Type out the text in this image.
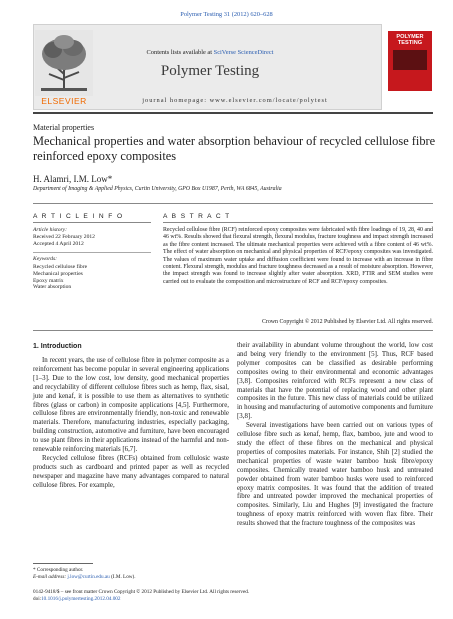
Polymer Testing 31 (2012) 620–628
ELSEVIER
Contents lists available at SciVerse ScienceDirect
Polymer Testing
journal homepage: www.elsevier.com/locate/polytest
POLYMER TESTING
Material properties
Mechanical properties and water absorption behaviour of recycled cellulose fibre reinforced epoxy composites
H. Alamri, I.M. Low*
Department of Imaging & Applied Physics, Curtin University, GPO Box U1987, Perth, WA 6845, Australia
A R T I C L E I N F O	A B S T R A C T
Article history:
Received 22 February 2012
Accepted 4 April 2012
Keywords:
Recycled cellulose fibre
Mechanical properties
Epoxy matrix
Water absorption
Recycled cellulose fibre (RCF) reinforced epoxy composites were fabricated with fibre loadings of 19, 28, 40 and 46 wt%. Results showed that flexural strength, flexural modulus, fracture toughness and impact strength increased as the fibre content increased. The ultimate mechanical properties were achieved with a fibre content of 46 wt%. The effect of water absorption on mechanical and physical properties of RCF/epoxy composites was investigated. The values of maximum water uptake and diffusion coefficient were found to increase with an increase in fibre content. Flexural strength, modulus and fracture toughness decreased as a result of moisture absorption. However, the impact strength was found to increase slightly after water absorption. XRD, FTIR and SEM studies were carried out to evaluate the composition and microstructure of RCF and RCF/epoxy composites.
Crown Copyright © 2012 Published by Elsevier Ltd. All rights reserved.
1. Introduction

In recent years, the use of cellulose fibre in polymer composite as a reinforcement has become popular in several engineering applications [1–3]. Due to the low cost, low density, good mechanical properties and recyclability of different cellulose fibres such as hemp, flax, sisal, jute and kenaf, it is possible to use them as alternatives to synthetic fibres (glass or carbon) in composite applications [4,5]. Furthermore, cellulose fibres are environmentally friendly, non-toxic and renewable materials. Therefore, manufacturing industries, especially packaging, building construction, automotive and furniture, have been encouraged to use plant fibres in their applications instead of the harmful and non-renewable reinforcing materials [6,7].

Recycled cellulose fibres (RCFs) obtained from cellulosic waste products such as cardboard and printed paper as well as recycled newspaper and magazine have many advantages compared to natural cellulose fibres. For example,

their availability in abundant volume throughout the world, low cost and being very friendly to the environment [5]. Thus, RCF based polymer composites can be classified as desirable performing composites owing to their environmental and economic advantages [3,8]. Composites reinforced with RCFs represent a new class of materials that have the potential of replacing wood and other plant composites in the future. This new class of materials could be utilized in housing and manufacturing of automotive components and furniture [3,8].

Several investigations have been carried out on various types of cellulose fibre such as kenaf, hemp, flax, bamboo, jute and wood to study the effect of these fibres on the mechanical and physical properties of composites materials. For instance, Shih [2] studied the mechanical properties of waste water bamboo husk fibre/epoxy composites. Chemically treated water bamboo husk and untreated powder obtained from water bamboo husks were used to reinforced epoxy matrix composites. It was found that the addition of treated fibre and untreated powder improved the mechanical properties of composites. Similarly, Liu and Hughes [9] investigated the fracture toughness of epoxy matrix reinforced with woven flax fibre. Their results showed that the fracture toughness of the composites was

* Corresponding author.
E-mail address: j.low@curtin.edu.au (I.M. Low).
0142-9418/$ – see front matter Crown Copyright © 2012 Published by Elsevier Ltd. All rights reserved.
doi:10.1016/j.polymertesting.2012.04.002
